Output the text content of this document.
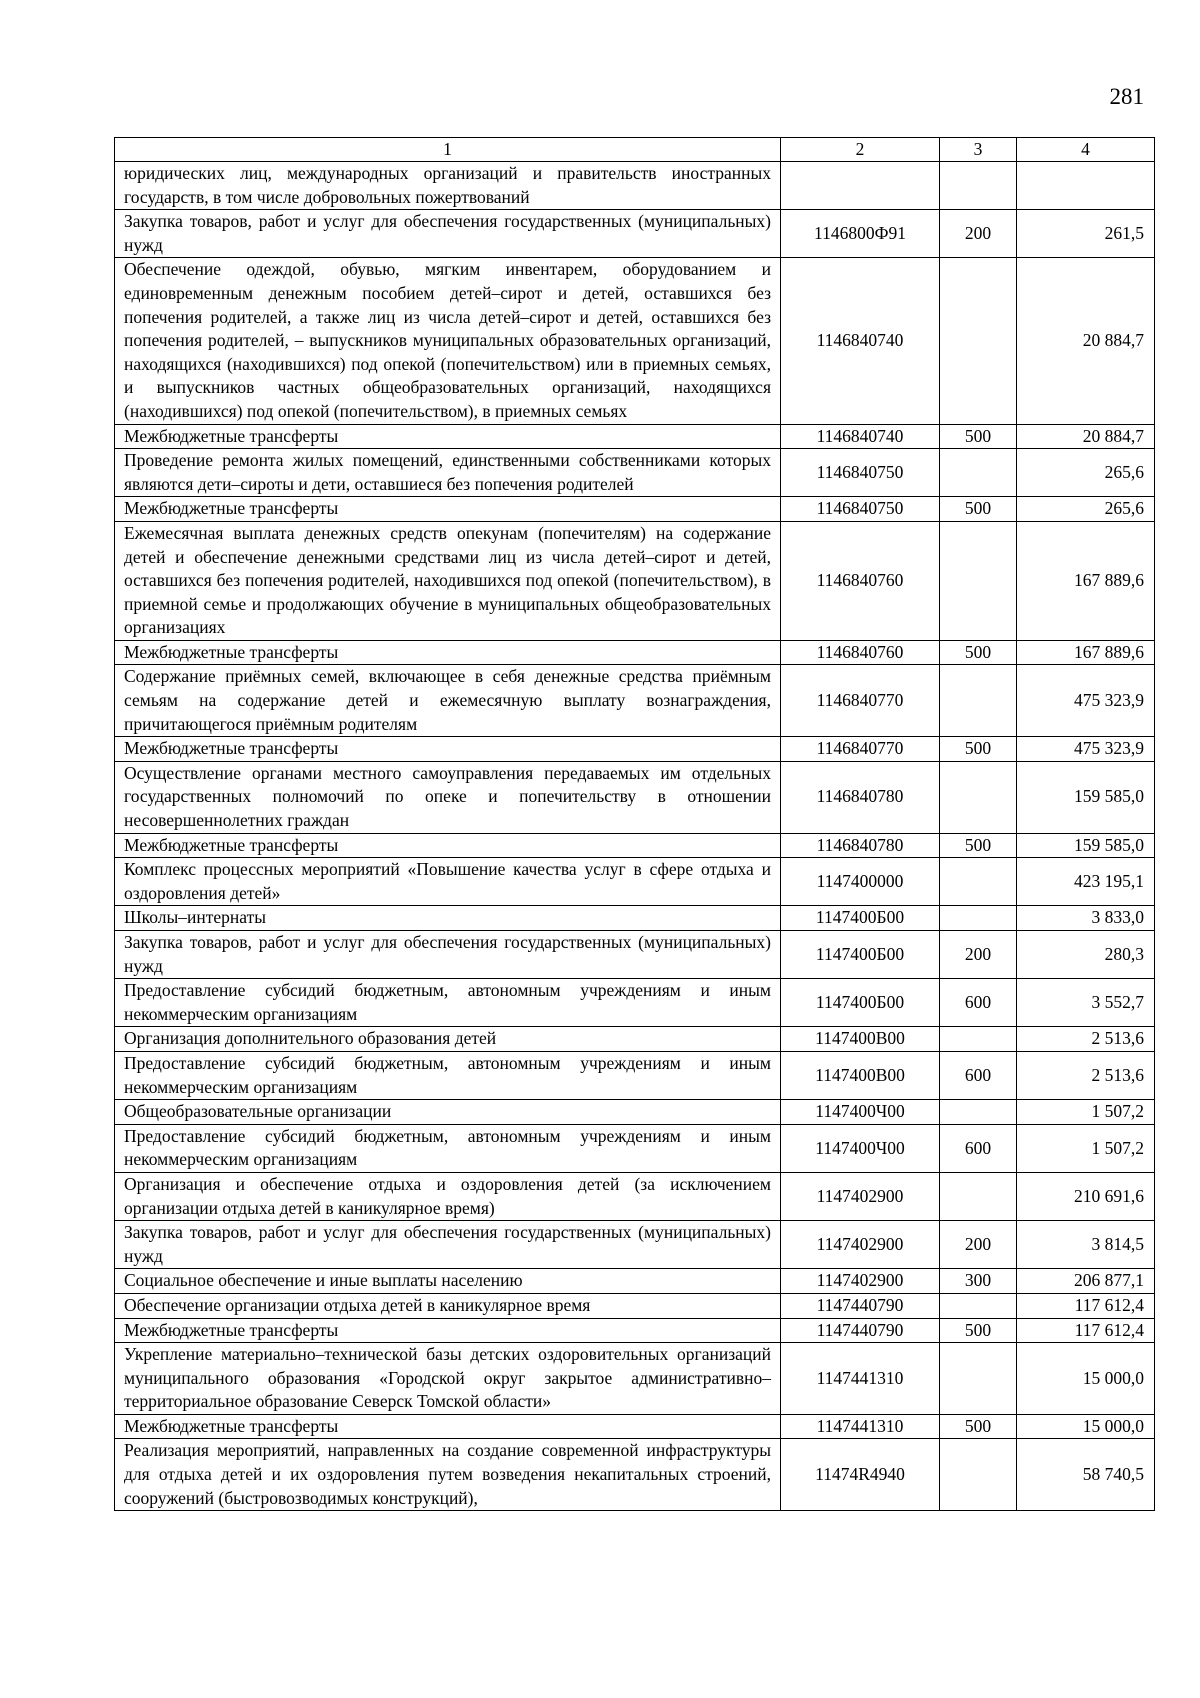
281
1	2	3	4
юридических лиц, международных организаций и правительств иностранных государств, в том числе добровольных пожертвований			
Закупка товаров, работ и услуг для обеспечения государственных (муниципальных) нужд	1146800Ф91	200	261,5
Обеспечение одеждой, обувью, мягким инвентарем, оборудованием и единовременным денежным пособием детей–сирот и детей, оставшихся без попечения родителей, а также лиц из числа детей–сирот и детей, оставшихся без попечения родителей, – выпускников муниципальных образовательных организаций, находящихся (находившихся) под опекой (попечительством) или в приемных семьях, и выпускников частных общеобразовательных организаций, находящихся (находившихся) под опекой (попечительством), в приемных семьях	1146840740		20 884,7
Межбюджетные трансферты	1146840740	500	20 884,7
Проведение ремонта жилых помещений, единственными собственниками которых являются дети–сироты и дети, оставшиеся без попечения родителей	1146840750		265,6
Межбюджетные трансферты	1146840750	500	265,6
Ежемесячная выплата денежных средств опекунам (попечителям) на содержание детей и обеспечение денежными средствами лиц из числа детей–сирот и детей, оставшихся без попечения родителей, находившихся под опекой (попечительством), в приемной семье и продолжающих обучение в муниципальных общеобразовательных организациях	1146840760		167 889,6
Межбюджетные трансферты	1146840760	500	167 889,6
Содержание приёмных семей, включающее в себя денежные средства приёмным семьям на содержание детей и ежемесячную выплату вознаграждения, причитающегося приёмным родителям	1146840770		475 323,9
Межбюджетные трансферты	1146840770	500	475 323,9
Осуществление органами местного самоуправления передаваемых им отдельных государственных полномочий по опеке и попечительству в отношении несовершеннолетних граждан	1146840780		159 585,0
Межбюджетные трансферты	1146840780	500	159 585,0
Комплекс процессных мероприятий «Повышение качества услуг в сфере отдыха и оздоровления детей»	1147400000		423 195,1
Школы–интернаты	1147400Б00		3 833,0
Закупка товаров, работ и услуг для обеспечения государственных (муниципальных) нужд	1147400Б00	200	280,3
Предоставление субсидий бюджетным, автономным учреждениям и иным некоммерческим организациям	1147400Б00	600	3 552,7
Организация дополнительного образования детей	1147400В00		2 513,6
Предоставление субсидий бюджетным, автономным учреждениям и иным некоммерческим организациям	1147400В00	600	2 513,6
Общеобразовательные организации	1147400Ч00		1 507,2
Предоставление субсидий бюджетным, автономным учреждениям и иным некоммерческим организациям	1147400Ч00	600	1 507,2
Организация и обеспечение отдыха и оздоровления детей (за исключением организации отдыха детей в каникулярное время)	1147402900		210 691,6
Закупка товаров, работ и услуг для обеспечения государственных (муниципальных) нужд	1147402900	200	3 814,5
Социальное обеспечение и иные выплаты населению	1147402900	300	206 877,1
Обеспечение организации отдыха детей в каникулярное время	1147440790		117 612,4
Межбюджетные трансферты	1147440790	500	117 612,4
Укрепление материально–технической базы детских оздоровительных организаций муниципального образования «Городской округ закрытое административно–территориальное образование Северск Томской области»	1147441310		15 000,0
Межбюджетные трансферты	1147441310	500	15 000,0
Реализация мероприятий, направленных на создание современной инфраструктуры для отдыха детей и их оздоровления путем возведения некапитальных строений, сооружений (быстровозводимых конструкций),	11474R4940		58 740,5
